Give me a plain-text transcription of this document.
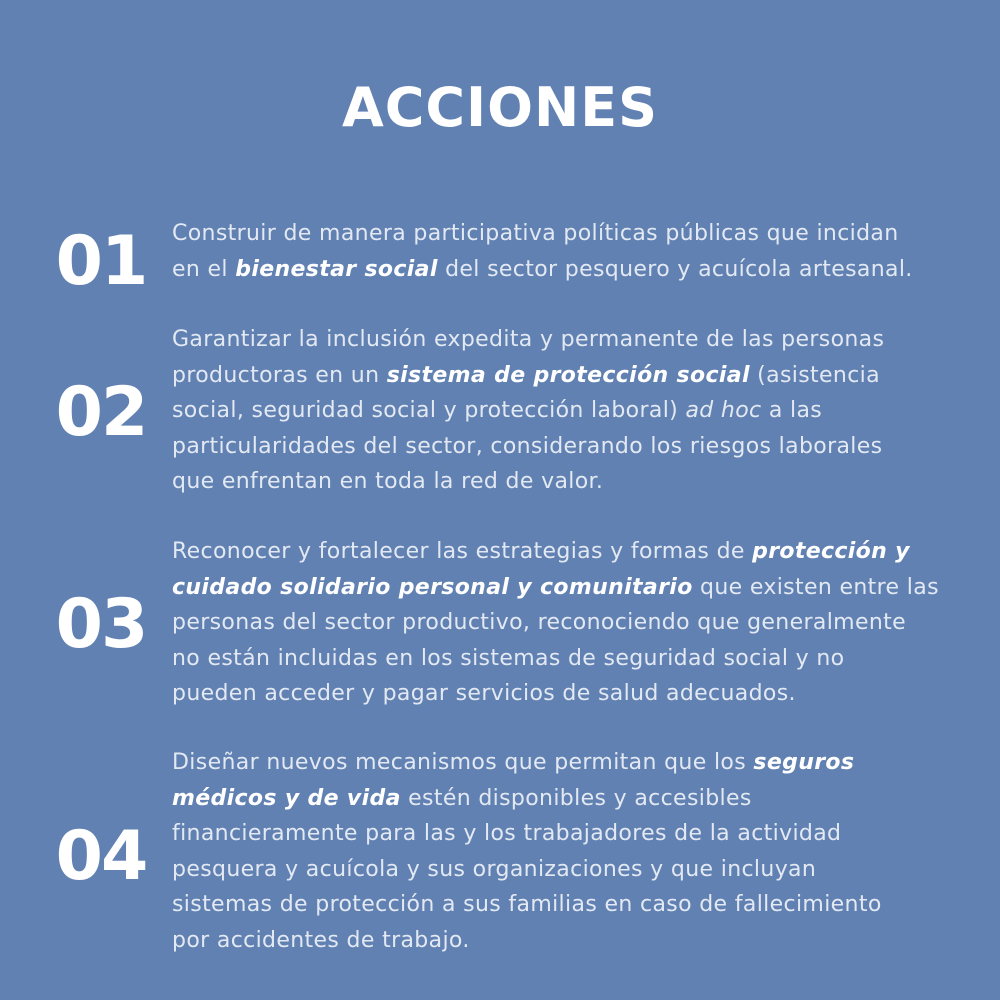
ACCIONES
01	Construir de manera participativa políticas públicas que incidan
en el bienestar social del sector pesquero y acuícola artesanal.

02

Garantizar la inclusión expedita y permanente de las personas
productoras en un sistema de protección social (asistencia
social, seguridad social y protección laboral) ad hoc a las
particularidades del sector, considerando los riesgos laborales
que enfrentan en toda la red de valor.

03

Reconocer y fortalecer las estrategias y formas de protección y
cuidado solidario personal y comunitario que existen entre las
personas del sector productivo, reconociendo que generalmente
no están incluidas en los sistemas de seguridad social y no
pueden acceder y pagar servicios de salud adecuados.

04

Diseñar nuevos mecanismos que permitan que los seguros
médicos y de vida estén disponibles y accesibles
financieramente para las y los trabajadores de la actividad
pesquera y acuícola y sus organizaciones y que incluyan
sistemas de protección a sus familias en caso de fallecimiento
por accidentes de trabajo.
